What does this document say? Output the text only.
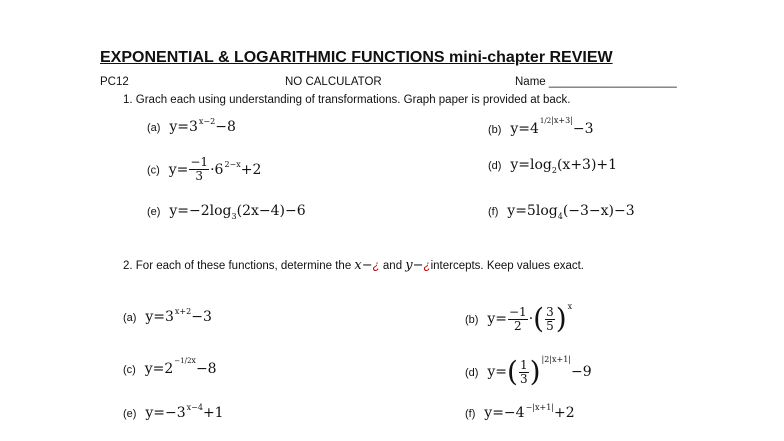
EXPONENTIAL & LOGARITHMIC FUNCTIONS mini-chapter REVIEW
PC12	NO CALCULATOR	Name ____________________
1. Grach each using understanding of transformations. Graph paper is provided at back.
(a)  $y=3^{x-2}-8$	(b)  $y=4^{1/2|x+3|}-3$
(c)  $y= \frac{-1}{3} \cdot 6^{2-x}+2$	(d)  $y=\log_2(x+3)+1$
(e)  $y=-2\log_3(2x-4)-6$	(f)  $y=5\log_4(-3-x)-3$
2. For each of these functions, determine the x−¿ and y−¿intercepts. Keep values exact.
(a)  $y=3^{x+2}-3$	(b)  $y= \frac{-1}{2}$ ·( $\frac{3}{5} )^x$
(c)  $y=2^{-1/2x}-8$	(d)  $y=( \frac{1}{3} )^{|2|x+1|}-9$
(e)  $y=-3^{x-4}+1$	(f)  $y=-4^{-|x+1|}+2$
